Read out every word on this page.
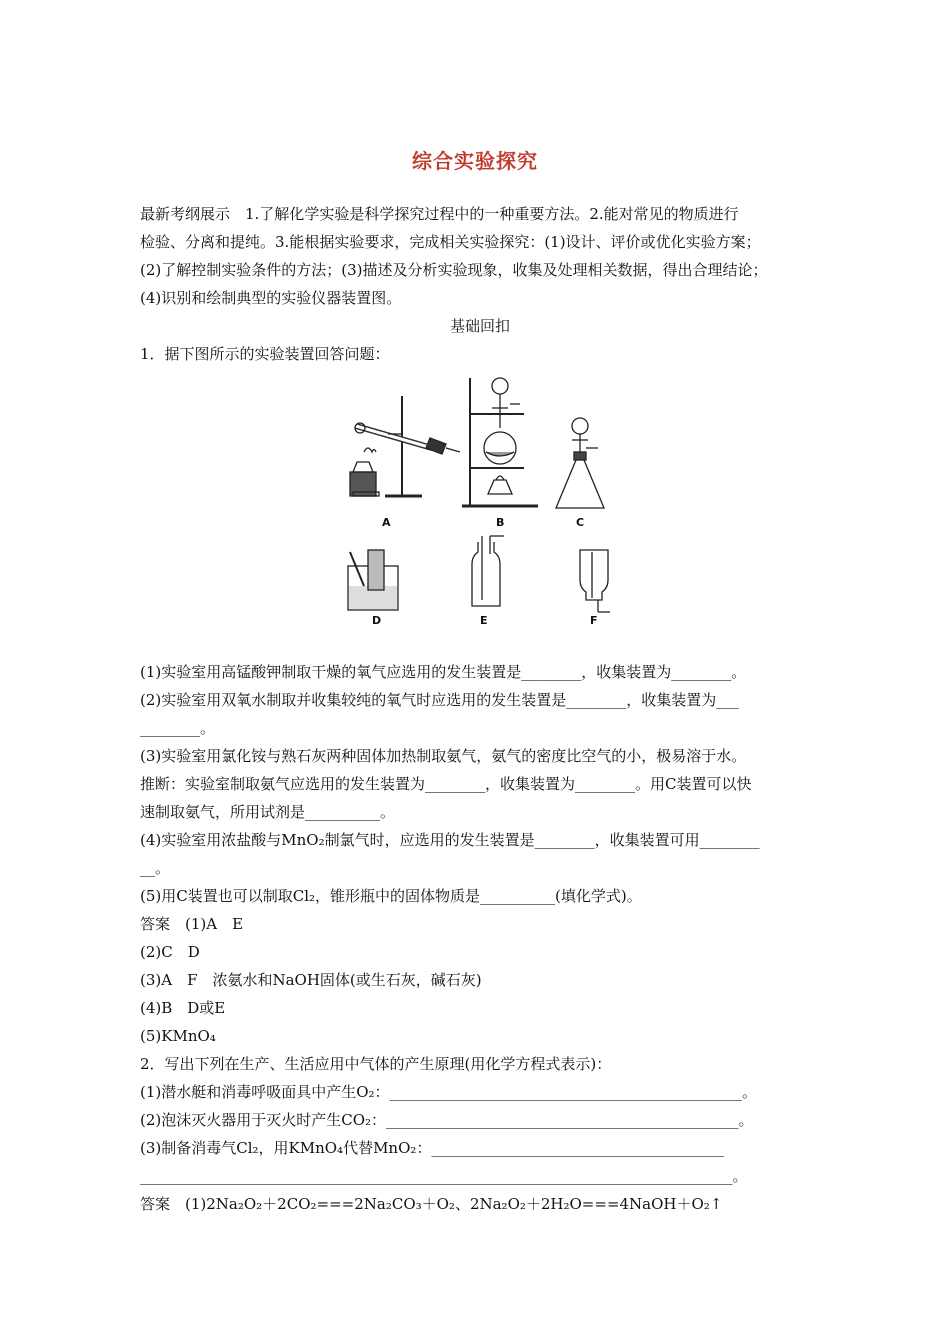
综合实验探究
最新考纲展示　1.了解化学实验是科学探究过程中的一种重要方法。2.能对常见的物质进行
检验、分离和提纯。3.能根据实验要求，完成相关实验探究：(1)设计、评价或优化实验方案；
(2)了解控制实验条件的方法；(3)描述及分析实验现象，收集及处理相关数据，得出合理结论；
(4)识别和绘制典型的实验仪器装置图。
基础回扣
1．据下图所示的实验装置回答问题：
A	B	C
D	E	F
(1)实验室用高锰酸钾制取干燥的氧气应选用的发生装置是________，收集装置为________。
(2)实验室用双氧水制取并收集较纯的氧气时应选用的发生装置是________，收集装置为___
________。
(3)实验室用氯化铵与熟石灰两种固体加热制取氨气，氨气的密度比空气的小，极易溶于水。
推断：实验室制取氨气应选用的发生装置为________，收集装置为________。用C装置可以快
速制取氨气，所用试剂是__________。
(4)实验室用浓盐酸与MnO₂制氯气时，应选用的发生装置是________，收集装置可用________
__。
(5)用C装置也可以制取Cl₂，锥形瓶中的固体物质是__________(填化学式)。
答案　(1)A　E
(2)C　D
(3)A　F　浓氨水和NaOH固体(或生石灰，碱石灰)
(4)B　D或E
(5)KMnO₄
2．写出下列在生产、生活应用中气体的产生原理(用化学方程式表示)：
(1)潜水艇和消毒呼吸面具中产生O₂：_______________________________________________。
(2)泡沫灭火器用于灭火时产生CO₂：_______________________________________________。
(3)制备消毒气Cl₂，用KMnO₄代替MnO₂：_______________________________________
_______________________________________________________________________________。
答案　(1)2Na₂O₂＋2CO₂===2Na₂CO₃＋O₂、2Na₂O₂＋2H₂O===4NaOH＋O₂↑
